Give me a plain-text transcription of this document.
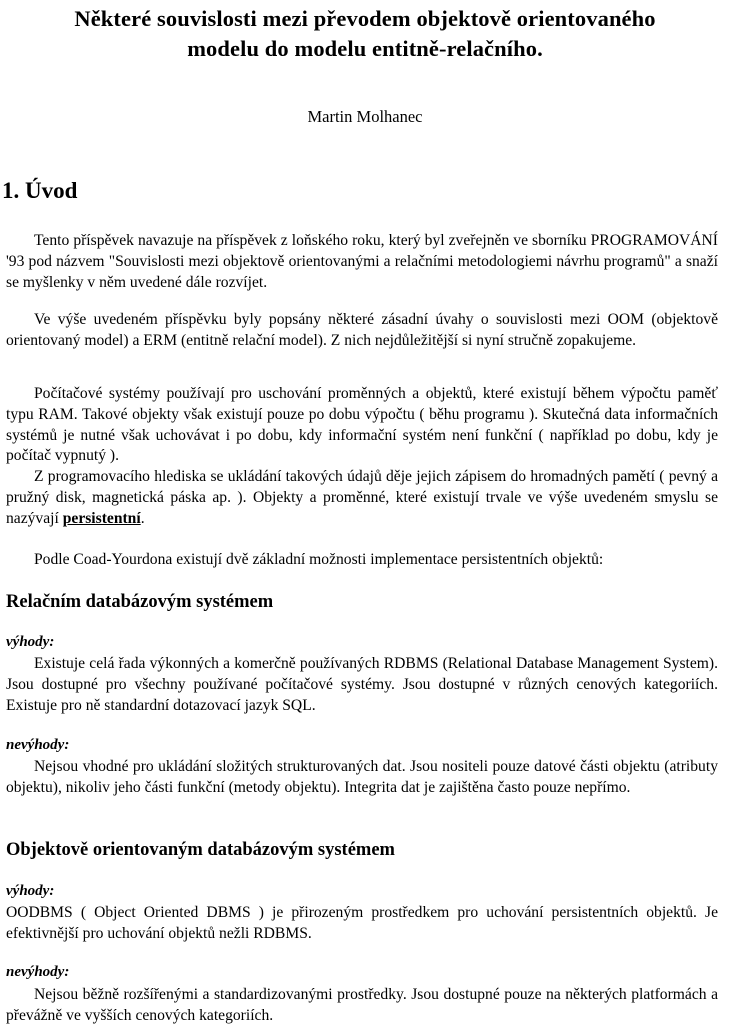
Některé souvislosti mezi převodem objektově orientovaného
modelu do modelu entitně-relačního.
Martin Molhanec
1. Úvod
Tento příspěvek navazuje na příspěvek z loňského roku, který byl zveřejněn ve sborníku PROGRAMOVÁNÍ '93 pod názvem "Souvislosti mezi objektově orientovanými a relačními metodologiemi návrhu programů" a snaží se myšlenky v něm uvedené dále rozvíjet.
Ve výše uvedeném příspěvku byly popsány některé zásadní úvahy o souvislosti mezi OOM (objektově orientovaný model) a ERM (entitně relační model). Z nich nejdůležitější si nyní stručně zopakujeme.
Počítačové systémy používají pro uschování proměnných a objektů, které existují během výpočtu paměť typu RAM. Takové objekty však existují pouze po dobu výpočtu ( běhu programu ). Skutečná data informačních systémů je nutné však uchovávat i po dobu, kdy informační systém není funkční ( například po dobu, kdy je počítač vypnutý ).
Z programovacího hlediska se ukládání takových údajů děje jejich zápisem do hromadných pamětí ( pevný a pružný disk, magnetická páska ap. ). Objekty a proměnné, které existují trvale ve výše uvedeném smyslu se nazývají persistentní.
Podle Coad-Yourdona existují dvě základní možnosti implementace persistentních objektů:
Relačním databázovým systémem
výhody:
Existuje celá řada výkonných a komerčně používaných RDBMS (Relational Database Management System). Jsou dostupné pro všechny používané počítačové systémy. Jsou dostupné v různých cenových kategoriích. Existuje pro ně standardní dotazovací jazyk SQL.
nevýhody:
Nejsou vhodné pro ukládání složitých strukturovaných dat. Jsou nositeli pouze datové části objektu (atributy objektu), nikoliv jeho části funkční (metody objektu). Integrita dat je zajištěna často pouze nepřímo.
Objektově orientovaným databázovým systémem
výhody:
OODBMS ( Object Oriented DBMS ) je přirozeným prostředkem pro uchování persistentních objektů. Je efektivnější pro uchování objektů nežli RDBMS.
nevýhody:
Nejsou běžně rozšířenými a standardizovanými prostředky. Jsou dostupné pouze na některých platformách a převážně ve vyšších cenových kategoriích.
